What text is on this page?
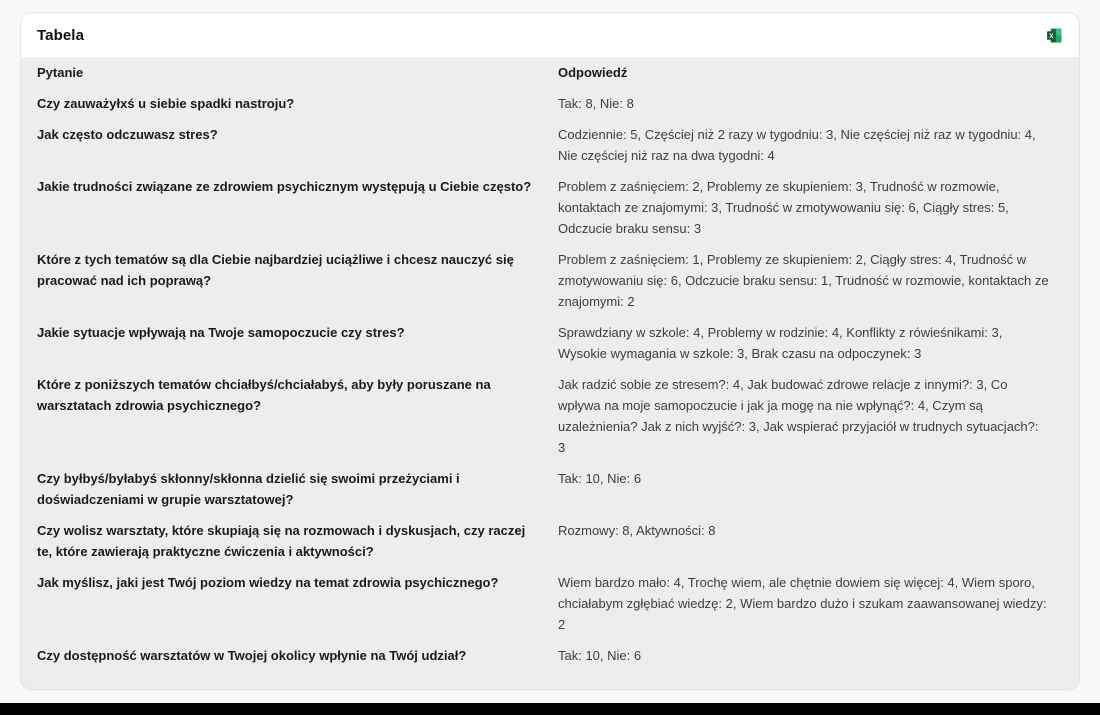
Tabela	X
Pytanie	Odpowiedź
Czy zauważyłxś u siebie spadki nastroju?	Tak: 8, Nie: 8
Jak często odczuwasz stres?	Codziennie: 5, Częściej niż 2 razy w tygodniu: 3, Nie częściej niż raz w tygodniu: 4, Nie częściej niż raz na dwa tygodni: 4
Jakie trudności związane ze zdrowiem psychicznym występują u Ciebie często?	Problem z zaśnięciem: 2, Problemy ze skupieniem: 3, Trudność w rozmowie, kontaktach ze znajomymi: 3, Trudność w zmotywowaniu się: 6, Ciągły stres: 5, Odczucie braku sensu: 3
Które z tych tematów są dla Ciebie najbardziej uciążliwe i chcesz nauczyć się pracować nad ich poprawą?	Problem z zaśnięciem: 1, Problemy ze skupieniem: 2, Ciągły stres: 4, Trudność w zmotywowaniu się: 6, Odczucie braku sensu: 1, Trudność w rozmowie, kontaktach ze znajomymi: 2
Jakie sytuacje wpływają na Twoje samopoczucie czy stres?	Sprawdziany w szkole: 4, Problemy w rodzinie: 4, Konflikty z rówieśnikami: 3, Wysokie wymagania w szkole: 3, Brak czasu na odpoczynek: 3
Które z poniższych tematów chciałbyś/chciałabyś, aby były poruszane na warsztatach zdrowia psychicznego?	Jak radzić sobie ze stresem?: 4, Jak budować zdrowe relacje z innymi?: 3, Co wpływa na moje samopoczucie i jak ja mogę na nie wpłynąć?: 4, Czym są uzależnienia? Jak z nich wyjść?: 3, Jak wspierać przyjaciół w trudnych sytuacjach?: 3
Czy byłbyś/byłabyś skłonny/skłonna dzielić się swoimi przeżyciami i doświadczeniami w grupie warsztatowej?	Tak: 10, Nie: 6
Czy wolisz warsztaty, które skupiają się na rozmowach i dyskusjach, czy raczej te, które zawierają praktyczne ćwiczenia i aktywności?	Rozmowy: 8, Aktywności: 8
Jak myślisz, jaki jest Twój poziom wiedzy na temat zdrowia psychicznego?	Wiem bardzo mało: 4, Trochę wiem, ale chętnie dowiem się więcej: 4, Wiem sporo, chciałabym zgłębiać wiedzę: 2, Wiem bardzo dużo i szukam zaawansowanej wiedzy: 2
Czy dostępność warsztatów w Twojej okolicy wpłynie na Twój udział?	Tak: 10, Nie: 6
